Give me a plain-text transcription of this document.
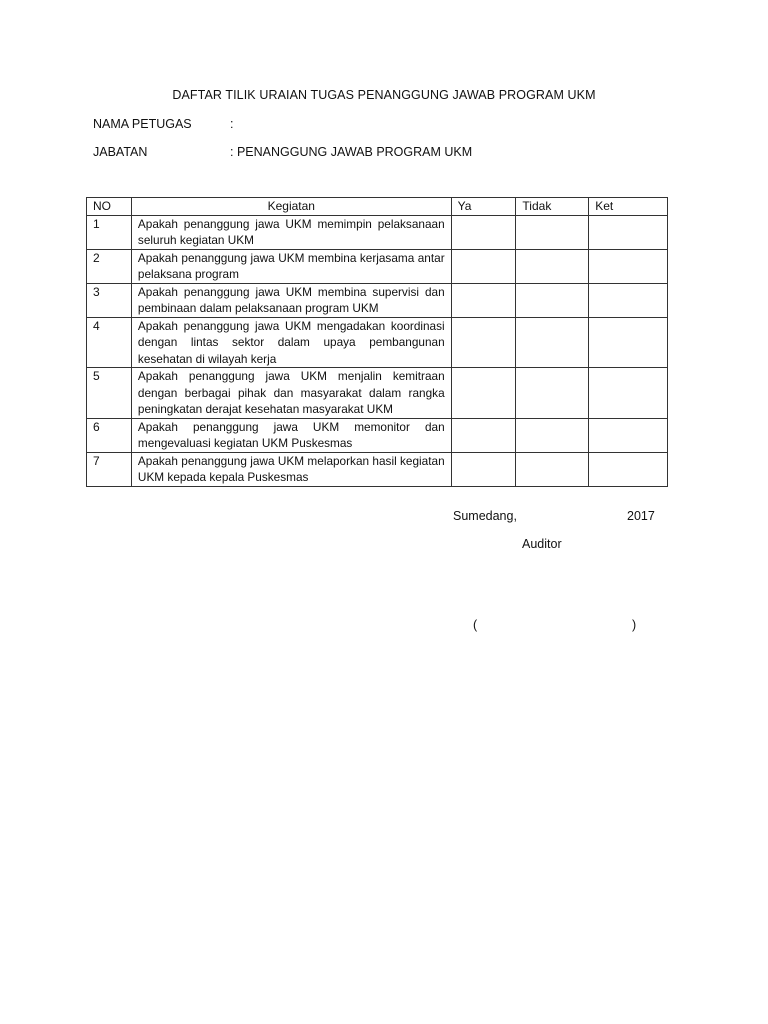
DAFTAR TILIK URAIAN TUGAS PENANGGUNG JAWAB PROGRAM UKM
NAMA PETUGAS	:
JABATAN	: PENANGGUNG JAWAB PROGRAM UKM
NO	Kegiatan	Ya	Tidak	Ket
1	Apakah penanggung jawa UKM memimpin pelaksanaan seluruh kegiatan UKM			
2	Apakah penanggung jawa UKM membina kerjasama antar pelaksana program			
3	Apakah penanggung jawa UKM membina supervisi dan pembinaan dalam pelaksanaan program UKM			
4	Apakah penanggung jawa UKM mengadakan koordinasi dengan lintas sektor dalam upaya pembangunan kesehatan di wilayah kerja			
5	Apakah penanggung jawa UKM menjalin kemitraan dengan berbagai pihak dan masyarakat dalam rangka peningkatan derajat kesehatan masyarakat UKM			
6	Apakah penanggung jawa UKM memonitor dan mengevaluasi kegiatan UKM Puskesmas			
7	Apakah penanggung jawa UKM melaporkan hasil kegiatan UKM kepada kepala Puskesmas			
Sumedang,	2017
Auditor
(	)
